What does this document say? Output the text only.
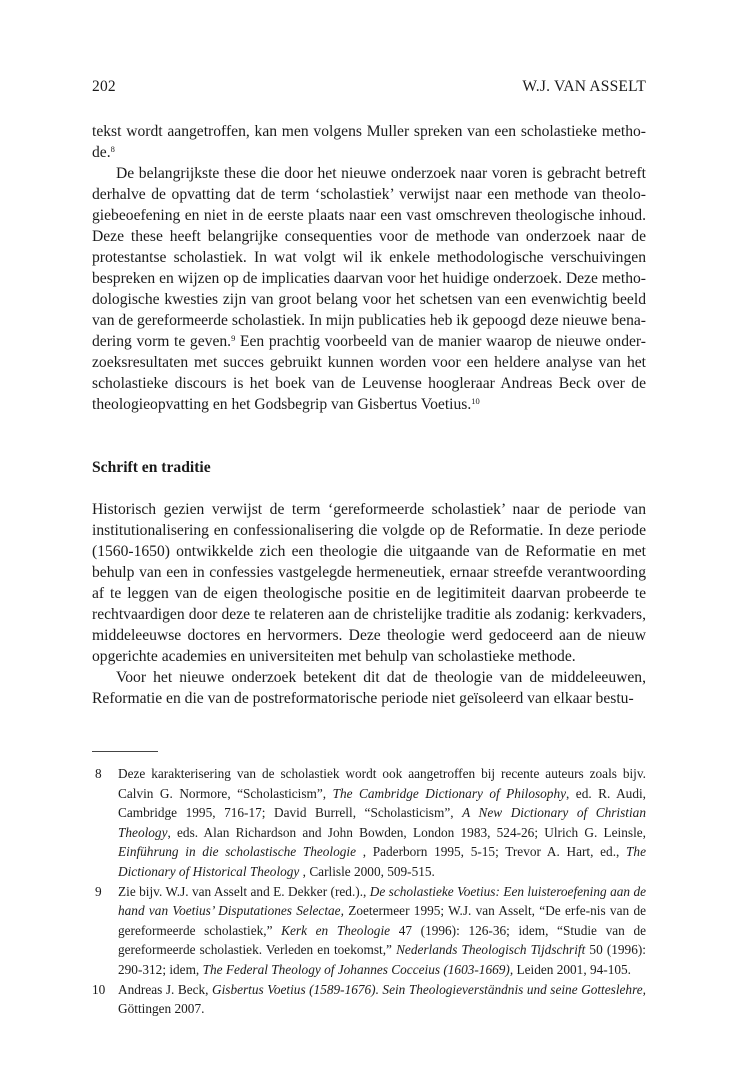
202	W.J. VAN ASSELT

tekst wordt aangetroffen, kan men volgens Muller spreken van een scholastieke metho-de.$^8$

De belangrijkste these die door het nieuwe onderzoek naar voren is gebracht betreft derhalve de opvatting dat de term ‘scholastiek’ verwijst naar een methode van theolo-giebeoefening en niet in de eerste plaats naar een vast omschreven theologische inhoud. Deze these heeft belangrijke consequenties voor de methode van onderzoek naar de protestantse scholastiek. In wat volgt wil ik enkele methodologische verschuivingen bespreken en wijzen op de implicaties daarvan voor het huidige onderzoek. Deze metho-dologische kwesties zijn van groot belang voor het schetsen van een evenwichtig beeld van de gereformeerde scholastiek. In mijn publicaties heb ik gepoogd deze nieuwe bena-dering vorm te geven.$^9$ Een prachtig voorbeeld van de manier waarop de nieuwe onder-zoeksresultaten met succes gebruikt kunnen worden voor een heldere analyse van het scholastieke discours is het boek van de Leuvense hoogleraar Andreas Beck over de theologieopvatting en het Godsbegrip van Gisbertus Voetius.$^{10}$

Schrift en traditie

Historisch gezien verwijst de term ‘gereformeerde scholastiek’ naar de periode van institutionalisering en confessionalisering die volgde op de Reformatie. In deze periode (1560-1650) ontwikkelde zich een theologie die uitgaande van de Reformatie en met behulp van een in confessies vastgelegde hermeneutiek, ernaar streefde verantwoording af te leggen van de eigen theologische positie en de legitimiteit daarvan probeerde te rechtvaardigen door deze te relateren aan de christelijke traditie als zodanig: kerkvaders, middeleeuwse doctores en hervormers. Deze theologie werd gedoceerd aan de nieuw opgerichte academies en universiteiten met behulp van scholastieke methode.

Voor het nieuwe onderzoek betekent dit dat de theologie van de middeleeuwen, Reformatie en die van de postreformatorische periode niet geïsoleerd van elkaar bestu-

8	Deze karakterisering van de scholastiek wordt ook aangetroffen bij recente auteurs zoals bijv. Calvin G. Normore, “Scholasticism”, The Cambridge Dictionary of Philosophy, ed. R. Audi, Cambridge 1995, 716-17; David Burrell, “Scholasticism”, A New Dictionary of Christian Theology, eds. Alan Richardson and John Bowden, London 1983, 524-26; Ulrich G. Leinsle, Einführung in die scholastische Theologie , Paderborn 1995, 5-15; Trevor A. Hart, ed., The Dictionary of Historical Theology , Carlisle 2000, 509-515.
9	Zie bijv. W.J. van Asselt and E. Dekker (red.)., De scholastieke Voetius: Een luisteroefening aan de hand van Voetius’ Disputationes Selectae, Zoetermeer 1995; W.J. van Asselt, “De erfe-nis van de gereformeerde scholastiek,” Kerk en Theologie 47 (1996): 126-36; idem, “Studie van de gereformeerde scholastiek. Verleden en toekomst,” Nederlands Theologisch Tijdschrift 50 (1996): 290-312; idem, The Federal Theology of Johannes Cocceius (1603-1669), Leiden 2001, 94-105.
10 Andreas J. Beck, Gisbertus Voetius (1589-1676). Sein Theologieverständnis und seine Gotteslehre, Göttingen 2007.
